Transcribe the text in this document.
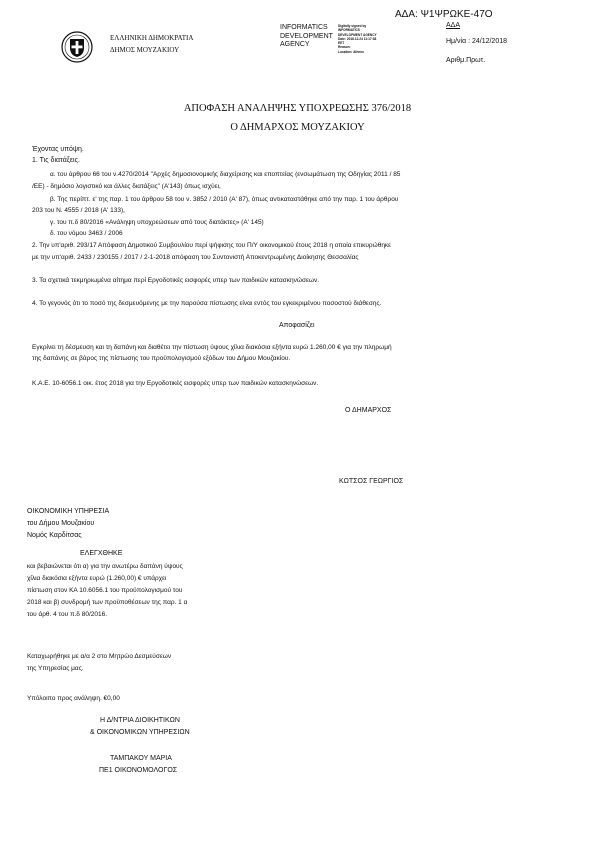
ΕΛΛΗΝΙΚΗ ΔΗΜΟΚΡΑΤΙΑ
ΔΗΜΟΣ ΜΟΥΖΑΚΙΟΥ
INFORMATICS
DEVELOPMENT
AGENCY
Digitally signed by
INFORMATICS
DEVELOPMENT AGENCY
Date: 2018.12.24 11:17:38
EET
Reason:
Location: Athens
ΑΔΑ: Ψ1ΨΡΩΚΕ-47Ο
ΑΔΑ
Ημ/νία : 24/12/2018
Αριθμ.Πρωτ.
ΑΠΟΦΑΣΗ ΑΝΑΛΗΨΗΣ ΥΠΟΧΡΕΩΣΗΣ 376/2018
Ο ΔΗΜΑΡΧΟΣ ΜΟΥΖΑΚΙΟΥ
Έχοντας υπόψη.
1. Τις διατάξεις.
α. του άρθρου 66 του ν.4270/2014 "Αρχές δημοσιονομικής διαχείρισης και εποπτείας (ενσωμάτωση της Οδηγίας 2011 / 85
/ΕΕ) - δημόσιο λογιστικό και άλλες διατάξεις" (Α'143) όπως ισχύει,
β. Της περίπτ. ε' της παρ. 1 του άρθρου 58 του ν. 3852 / 2010 (Α' 87), όπως αντικαταστάθηκε από την παρ. 1 του άρθρου
203 του Ν. 4555 / 2018 (Α' 133),
γ. του π.δ 80/2016 «Ανάληψη υποχρεώσεων από τους διατάκτες» (Α' 145)
δ. του νόμου 3463 / 2006
2. Την υπ'αριθ. 293/17 Απόφαση Δημοτικού Συμβουλίου περί ψήφισης του Π/Υ οικονομικού έτους 2018 η οποία επικυρώθηκε
με την υπ'αριθ. 2433 / 230155 / 2017 / 2-1-2018 απόφαση του Συντονιστή Αποκεντρωμένης Διοίκησης Θεσσαλίας
3. Τα σχετικά τεκμηριωμένα αίτημα περί Εργοδοτικές εισφορές υπερ των παιδικών κατασκηνώσεων.
4. Το γεγονός ότι το ποσό της δεσμευόμενης με την παρούσα πίστωσης είναι εντός του εγκεκριμένου ποσοστού διάθεσης.
Αποφασίζει
Εγκρίνει τη δέσμευση και τη δαπάνη και διαθέτει την πίστωση ύψους χίλια διακόσια εξήντα ευρώ 1.260,00 € για την πληρωμή
της δαπάνης σε βάρος της πίστωσης του προϋπολογισμού εξόδων του Δήμου Μουζακίου.
Κ.Α.Ε. 10-6056.1 οικ. έτος 2018 για την Εργοδοτικές εισφορές υπερ των παιδικών κατασκηνώσεων.
Ο ΔΗΜΑΡΧΟΣ
ΚΩΤΣΟΣ ΓΕΩΡΓΙΟΣ
ΟΙΚΟΝΟΜΙΚΗ ΥΠΗΡΕΣΙΑ
του Δήμου Μουζακίου
Νομός Καρδίτσας
ΕΛΕΓΧΘΗΚΕ
και βεβαιώνεται ότι α) για την ανωτέρω δαπάνη ύψους
χίλια διακόσια εξήντα ευρώ (1.260,00) € υπάρχει
πίστωση στον ΚΑ 10.6056.1 του προϋπολογισμού του
2018 και β) συνδρομή των προϋποθέσεων της παρ. 1 α
του άρθ. 4 του π.δ 80/2016.
Καταχωρήθηκε με α/α 2 στο Μητρώο Δεσμεύσεων
της Υπηρεσίας μας.
Υπόλοιπο προς ανάληψη. €0,00
Η Δ/ΝΤΡΙΑ ΔΙΟΙΚΗΤΙΚΩΝ
& ΟΙΚΟΝΟΜΙΚΩΝ ΥΠΗΡΕΣΙΩΝ
ΤΑΜΠΑΚΟΥ ΜΑΡΙΑ
ΠΕ1 ΟΙΚΟΝΟΜΟΛΟΓΟΣ
